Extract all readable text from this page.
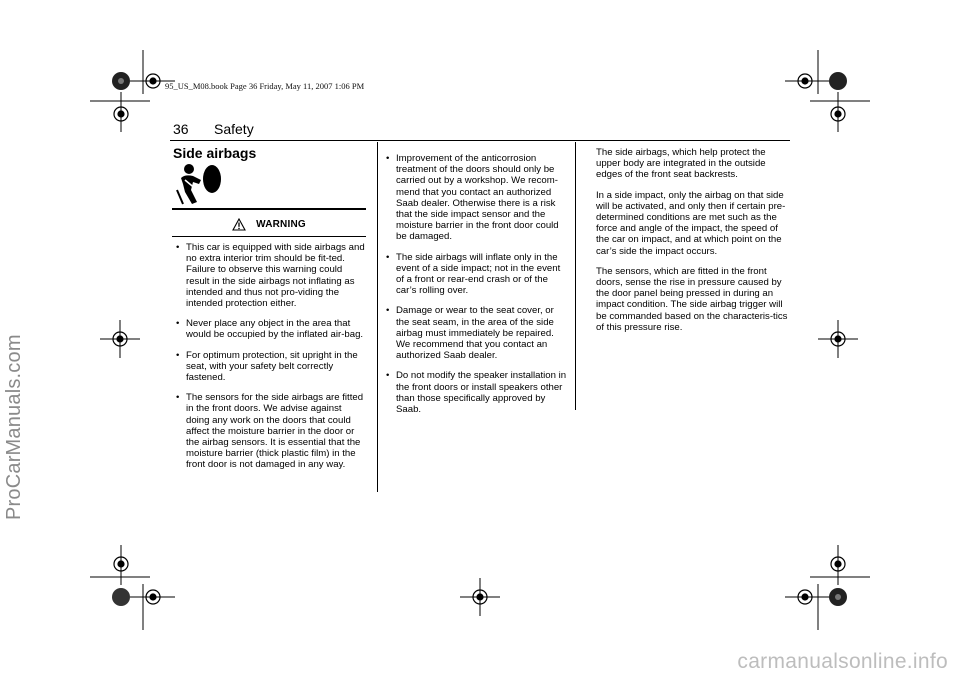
95_US_M08.book Page 36 Friday, May 11, 2007 1:06 PM
36 Safety
Side airbags
WARNING
• This car is equipped with side airbags and no extra interior trim should be fit-ted. Failure to observe this warning could result in the side airbags not inflating as intended and thus not pro-viding the intended protection either.
• Never place any object in the area that would be occupied by the inflated air-bag.
• For optimum protection, sit upright in the seat, with your safety belt correctly fastened.
• The sensors for the side airbags are fitted in the front doors. We advise against doing any work on the doors that could affect the moisture barrier in the door or the airbag sensors. It is essential that the moisture barrier (thick plastic film) in the front door is not damaged in any way.
• Improvement of the anticorrosion treatment of the doors should only be carried out by a workshop. We recom-mend that you contact an authorized Saab dealer. Otherwise there is a risk that the side impact sensor and the moisture barrier in the front door could be damaged.
• The side airbags will inflate only in the event of a side impact; not in the event of a front or rear-end crash or of the car’s rolling over.
• Damage or wear to the seat cover, or the seat seam, in the area of the side airbag must immediately be repaired. We recommend that you contact an authorized Saab dealer.
• Do not modify the speaker installation in the front doors or install speakers other than those specifically approved by Saab.

The side airbags, which help protect the upper body are integrated in the outside edges of the front seat backrests.

In a side impact, only the airbag on that side will be activated, and only then if certain pre-determined conditions are met such as the force and angle of the impact, the speed of the car on impact, and at which point on the car’s side the impact occurs.

The sensors, which are fitted in the front doors, sense the rise in pressure caused by the door panel being pressed in during an impact condition. The side airbag trigger will be commanded based on the characteris-tics of this pressure rise.

ProCarManuals.com
carmanualsonline.info
